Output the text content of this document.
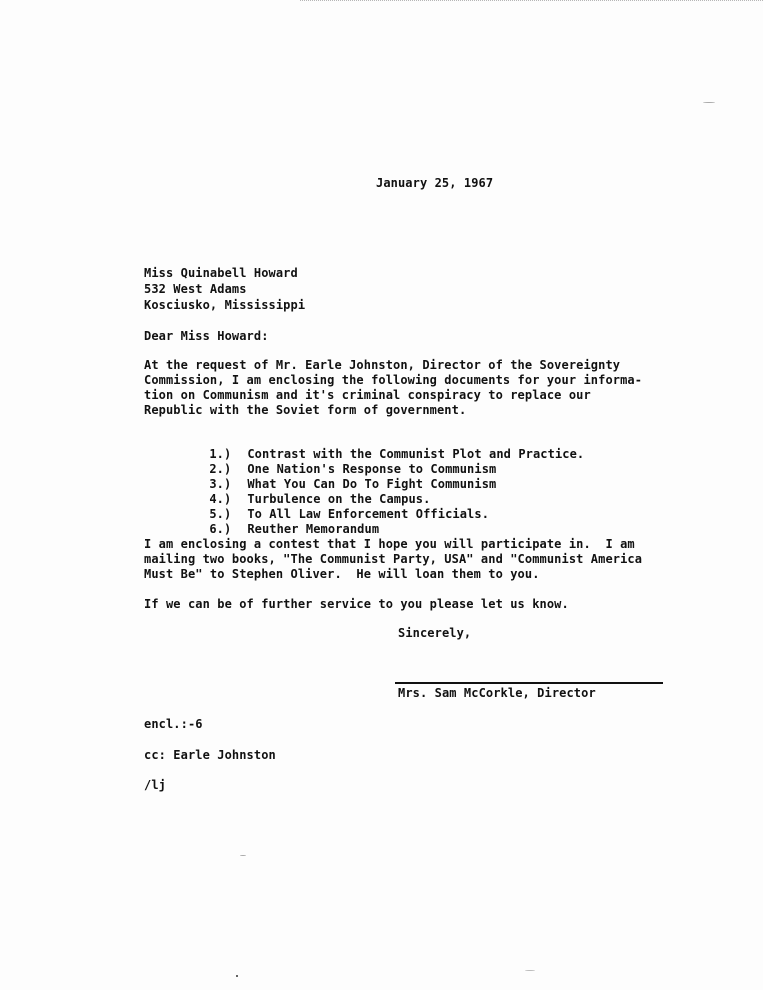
January 25, 1967
Miss Quinabell Howard
532 West Adams
Kosciusko, Mississippi
Dear Miss Howard:
At the request of Mr. Earle Johnston, Director of the Sovereignty
Commission, I am enclosing the following documents for your informa-
tion on Communism and it's criminal conspiracy to replace our
Republic with the Soviet form of government.

1.) Contrast with the Communist Plot and Practice.

2.) One Nation's Response to Communism

3.) What You Can Do To Fight Communism

4.) Turbulence on the Campus.

5.) To All Law Enforcement Officials.

6.) Reuther Memorandum

I am enclosing a contest that I hope you will participate in.  I am
mailing two books, "The Communist Party, USA" and "Communist America
Must Be" to Stephen Oliver.  He will loan them to you.
If we can be of further service to you please let us know.
Sincerely,
Mrs. Sam McCorkle, Director
encl.:-6
cc: Earle Johnston
/lj
